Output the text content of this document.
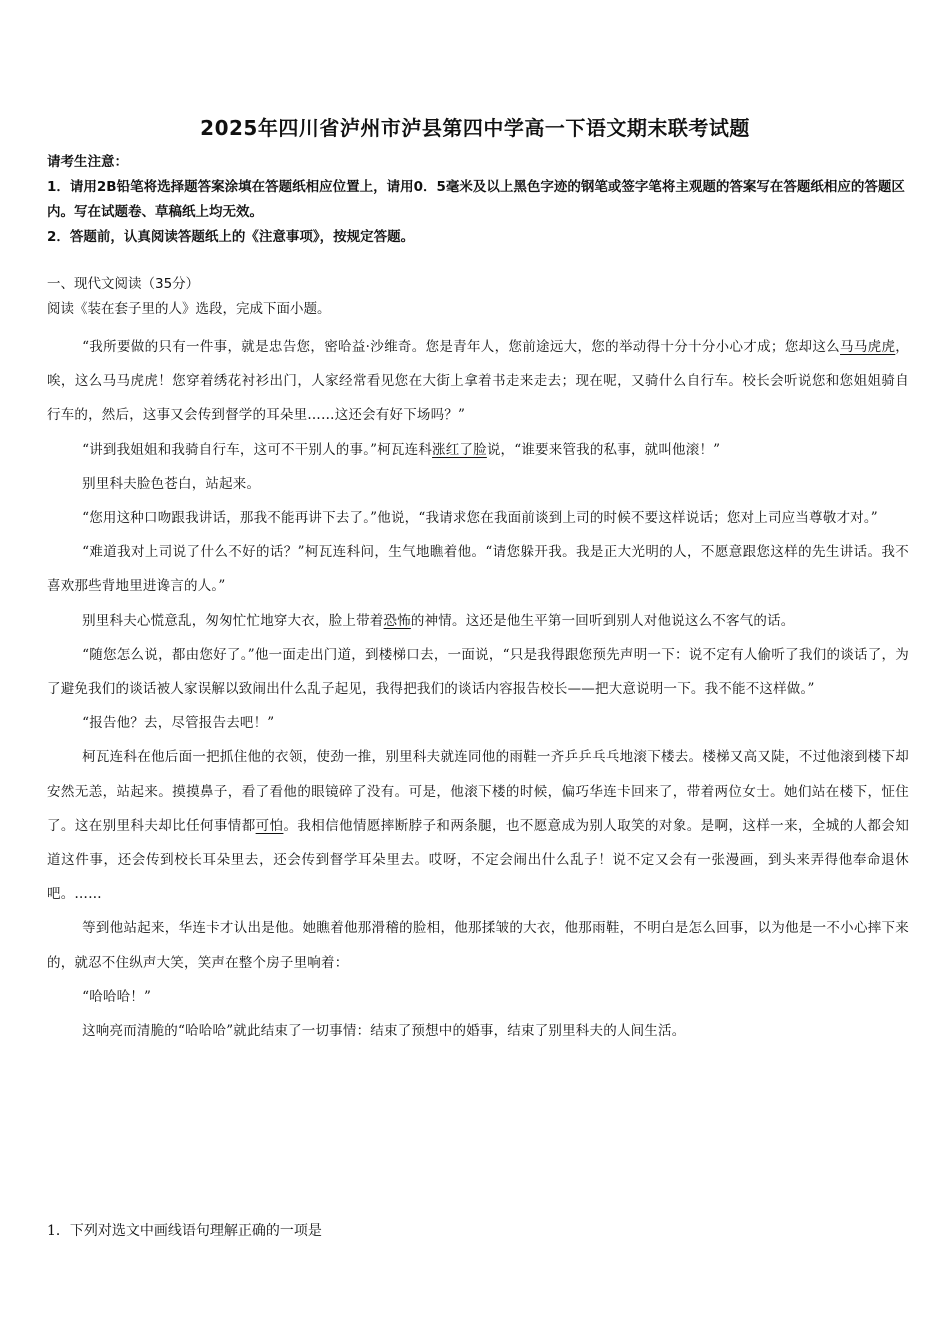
2025年四川省泸州市泸县第四中学高一下语文期末联考试题

请考生注意：

1．请用2B铅笔将选择题答案涂填在答题纸相应位置上，请用0．5毫米及以上黑色字迹的钢笔或签字笔将主观题的答案写在答题纸相应的答题区内。写在试题卷、草稿纸上均无效。

2．答题前，认真阅读答题纸上的《注意事项》，按规定答题。

一、现代文阅读（35分）

阅读《装在套子里的人》选段，完成下面小题。

“我所要做的只有一件事，就是忠告您，密哈益·沙维奇。您是青年人，您前途远大，您的举动得十分十分小心才成；您却这么马马虎虎，唉，这么马马虎虎！您穿着绣花衬衫出门，人家经常看见您在大街上拿着书走来走去；现在呢，又骑什么自行车。校长会听说您和您姐姐骑自行车的，然后，这事又会传到督学的耳朵里……这还会有好下场吗？”

“讲到我姐姐和我骑自行车，这可不干别人的事。”柯瓦连科涨红了脸说，“谁要来管我的私事，就叫他滚！”

别里科夫脸色苍白，站起来。

“您用这种口吻跟我讲话，那我不能再讲下去了。”他说，“我请求您在我面前谈到上司的时候不要这样说话；您对上司应当尊敬才对。”

“难道我对上司说了什么不好的话？”柯瓦连科问，生气地瞧着他。“请您躲开我。我是正大光明的人，不愿意跟您这样的先生讲话。我不喜欢那些背地里进谗言的人。”

别里科夫心慌意乱，匆匆忙忙地穿大衣，脸上带着恐怖的神情。这还是他生平第一回听到别人对他说这么不客气的话。

“随您怎么说，都由您好了。”他一面走出门道，到楼梯口去，一面说，“只是我得跟您预先声明一下：说不定有人偷听了我们的谈话了，为了避免我们的谈话被人家误解以致闹出什么乱子起见，我得把我们的谈话内容报告校长——把大意说明一下。我不能不这样做。”

“报告他？去，尽管报告去吧！”

柯瓦连科在他后面一把抓住他的衣领，使劲一推，别里科夫就连同他的雨鞋一齐乒乒乓乓地滚下楼去。楼梯又高又陡，不过他滚到楼下却安然无恙，站起来。摸摸鼻子，看了看他的眼镜碎了没有。可是，他滚下楼的时候，偏巧华连卡回来了，带着两位女士。她们站在楼下，怔住了。这在别里科夫却比任何事情都可怕。我相信他情愿摔断脖子和两条腿，也不愿意成为别人取笑的对象。是啊，这样一来，全城的人都会知道这件事，还会传到校长耳朵里去，还会传到督学耳朵里去。哎呀，不定会闹出什么乱子！说不定又会有一张漫画，到头来弄得他奉命退休吧。……

等到他站起来，华连卡才认出是他。她瞧着他那滑稽的脸相，他那揉皱的大衣，他那雨鞋，不明白是怎么回事，以为他是一不小心摔下来的，就忍不住纵声大笑，笑声在整个房子里响着：

“哈哈哈！”

这响亮而清脆的“哈哈哈”就此结束了一切事情：结束了预想中的婚事，结束了别里科夫的人间生活。

1．下列对选文中画线语句理解正确的一项是
